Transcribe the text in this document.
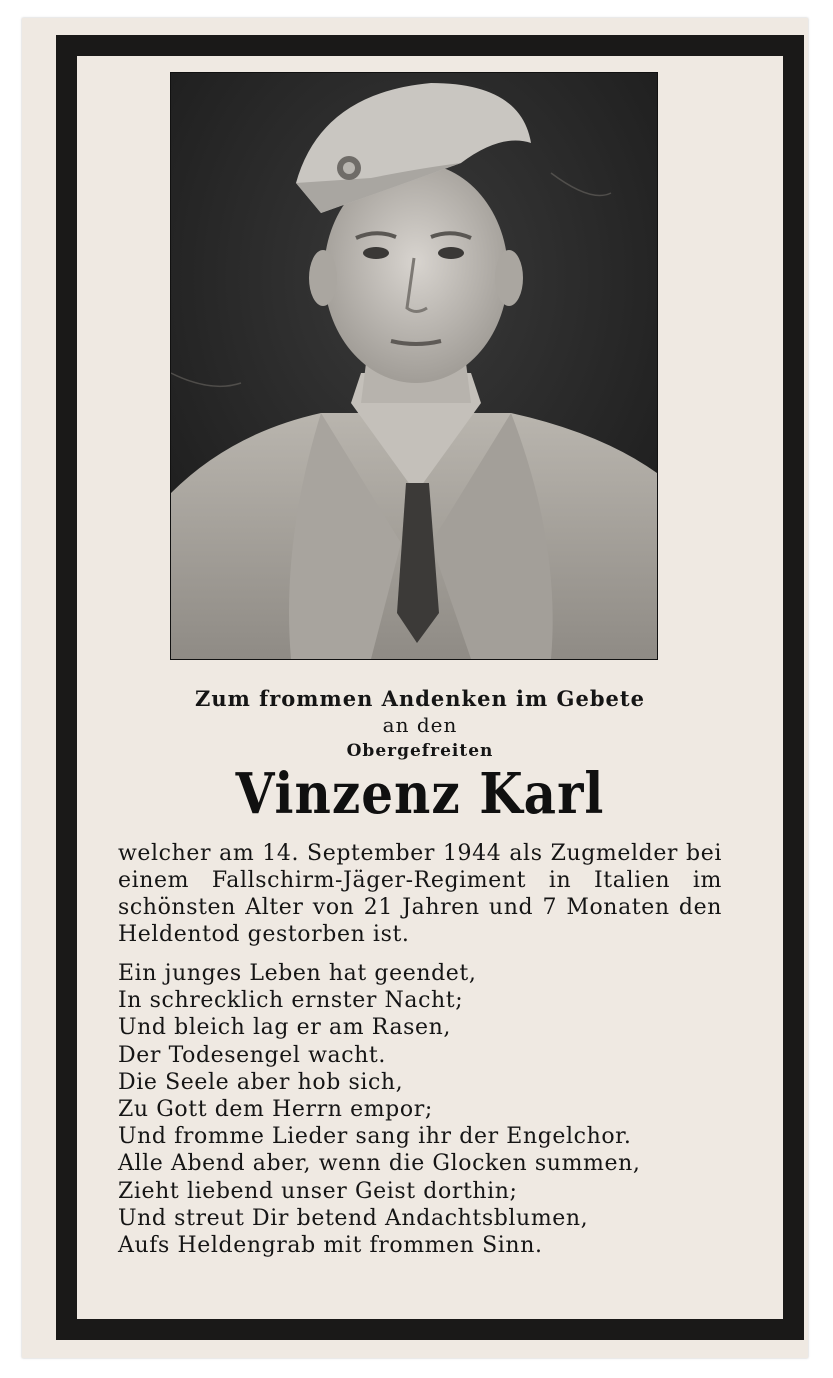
Zum frommen Andenken im Gebete
an den
Obergefreiten
Vinzenz Karl
welcher am 14. September 1944 als Zugmelder bei einem Fallschirm-Jäger-Regiment in Italien im schönsten Alter von 21 Jahren und 7 Monaten den Heldentod gestorben ist.
Ein junges Leben hat geendet,
In schrecklich ernster Nacht;
Und bleich lag er am Rasen,
Der Todesengel wacht.
Die Seele aber hob sich,
Zu Gott dem Herrn empor;
Und fromme Lieder sang ihr der Engelchor.
Alle Abend aber, wenn die Glocken summen,
Zieht liebend unser Geist dorthin;
Und streut Dir betend Andachtsblumen,
Aufs Heldengrab mit frommen Sinn.
